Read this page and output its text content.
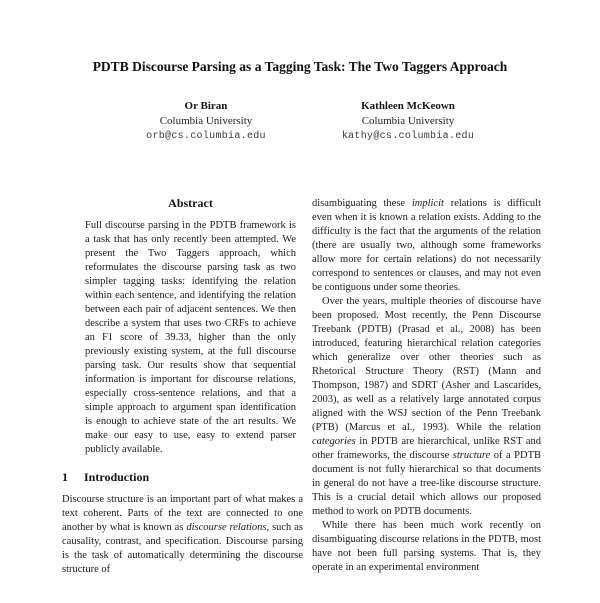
PDTB Discourse Parsing as a Tagging Task: The Two Taggers Approach
Or Biran
Columbia University
orb@cs.columbia.edu
Kathleen McKeown
Columbia University
kathy@cs.columbia.edu
Abstract

Full discourse parsing in the PDTB framework is a task that has only recently been attempted. We present the Two Taggers approach, which reformulates the discourse parsing task as two simpler tagging tasks: identifying the relation within each sentence, and identifying the relation between each pair of adjacent sentences. We then describe a system that uses two CRFs to achieve an F1 score of 39.33, higher than the only previously existing system, at the full discourse parsing task. Our results show that sequential information is important for discourse relations, especially cross-sentence relations, and that a simple approach to argument span identification is enough to achieve state of the art results. We make our easy to use, easy to extend parser publicly available.

1 Introduction

Discourse structure is an important part of what makes a text coherent. Parts of the text are connected to one another by what is known as discourse relations, such as causality, contrast, and specification. Discourse parsing is the task of automatically determining the discourse structure of

disambiguating these implicit relations is difficult even when it is known a relation exists. Adding to the difficulty is the fact that the arguments of the relation (there are usually two, although some frameworks allow more for certain relations) do not necessarily correspond to sentences or clauses, and may not even be contiguous under some theories.

Over the years, multiple theories of discourse have been proposed. Most recently, the Penn Discourse Treebank (PDTB) (Prasad et al., 2008) has been introduced, featuring hierarchical relation categories which generalize over other theories such as Rhetorical Structure Theory (RST) (Mann and Thompson, 1987) and SDRT (Asher and Lascarides, 2003), as well as a relatively large annotated corpus aligned with the WSJ section of the Penn Treebank (PTB) (Marcus et al., 1993). While the relation categories in PDTB are hierarchical, unlike RST and other frameworks, the discourse structure of a PDTB document is not fully hierarchical so that documents in general do not have a tree-like discourse structure. This is a crucial detail which allows our proposed method to work on PDTB documents.

While there has been much work recently on disambiguating discourse relations in the PDTB, most have not been full parsing systems. That is, they operate in an experimental environment
